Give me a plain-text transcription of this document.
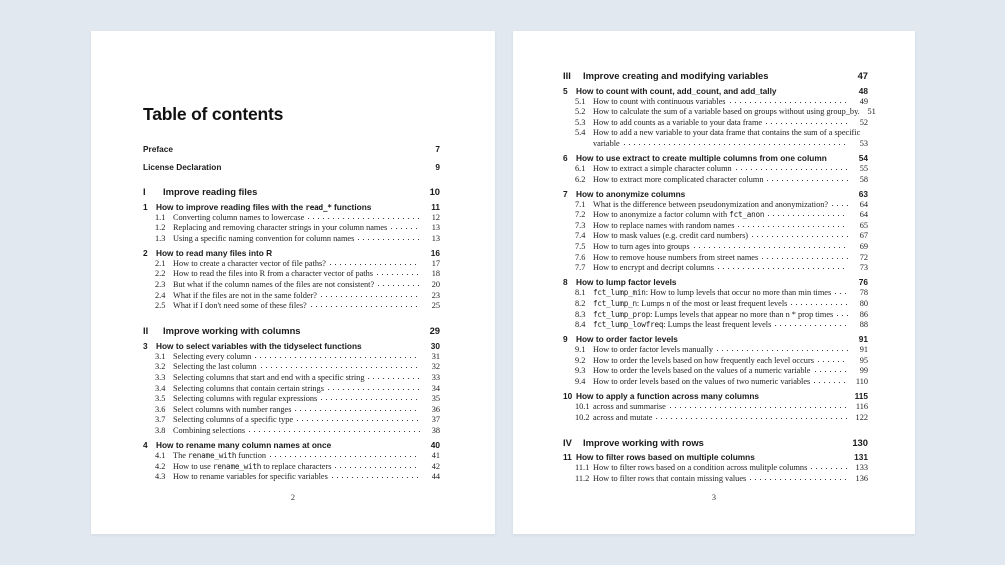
Table of contents
Preface	7
License Declaration	9
I	Improve reading files	10
1	How to improve reading files with the read_* functions	11
1.1 Converting column names to lowercase	12
1.2 Replacing and removing character strings in your column names	13
1.3 Using a specific naming convention for column names	13
2	How to read many files into R	16
2.1 How to create a character vector of file paths?	17
2.2 How to read the files into R from a character vector of paths	18
2.3 But what if the column names of the files are not consistent?	20
2.4 What if the files are not in the same folder?	23
2.5 What if I don't need some of these files?	25
II	Improve working with columns	29
3	How to select variables with the tidyselect functions	30
3.1 Selecting every column	31
3.2 Selecting the last column	32
3.3 Selecting columns that start and end with a specific string	33
3.4 Selecting columns that contain certain strings	34
3.5 Selecting columns with regular expressions	35
3.6 Select columns with number ranges	36
3.7 Selecting columns of a specific type	37
3.8 Combining selections	38
4	How to rename many column names at once	40
4.1 The rename_with function	41
4.2 How to use rename_with to replace characters	42
4.3 How to rename variables for specific variables	44
2
III	Improve creating and modifying variables	47
5	How to count with count, add_count, and add_tally	48
5.1 How to count with continuous variables	49
5.2 How to calculate the sum of a variable based on groups without using group_by. 51
5.3 How to add counts as a variable to your data frame	52
5.4 How to add a new variable to your data frame that contains the sum of a specific
variable	53
6	How to use extract to create multiple columns from one column	54
6.1 How to extract a simple character column	55
6.2 How to extract more complicated character column	58
7	How to anonymize columns	63
7.1 What is the difference between pseudonymization and anonymization?	64
7.2 How to anonymize a factor column with fct_anon	64
7.3 How to replace names with random names	65
7.4 How to mask values (e.g. credit card numbers)	67
7.5 How to turn ages into groups	69
7.6 How to remove house numbers from street names	72
7.7 How to encrypt and decript columns	73
8	How to lump factor levels	76
8.1 fct_lump_min: How to lump levels that occur no more than min times	78
8.2 fct_lump_n: Lumps n of the most or least frequent levels	80
8.3 fct_lump_prop: Lumps levels that appear no more than n * prop times	86
8.4 fct_lump_lowfreq: Lumps the least frequent levels	88
9	How to order factor levels	91
9.1 How to order factor levels manually	91
9.2 How to order the levels based on how frequently each level occurs	95
9.3 How to order the levels based on the values of a numeric variable	99
9.4 How to order levels based on the values of two numeric variables	110
10 How to apply a function across many columns	115
10.1 across and summarise	116
10.2 across and mutate	122
IV	Improve working with rows	130
11 How to filter rows based on multiple columns	131
11.1 How to filter rows based on a condition across mulitple columns	133
11.2 How to filter rows that contain missing values	136
3
